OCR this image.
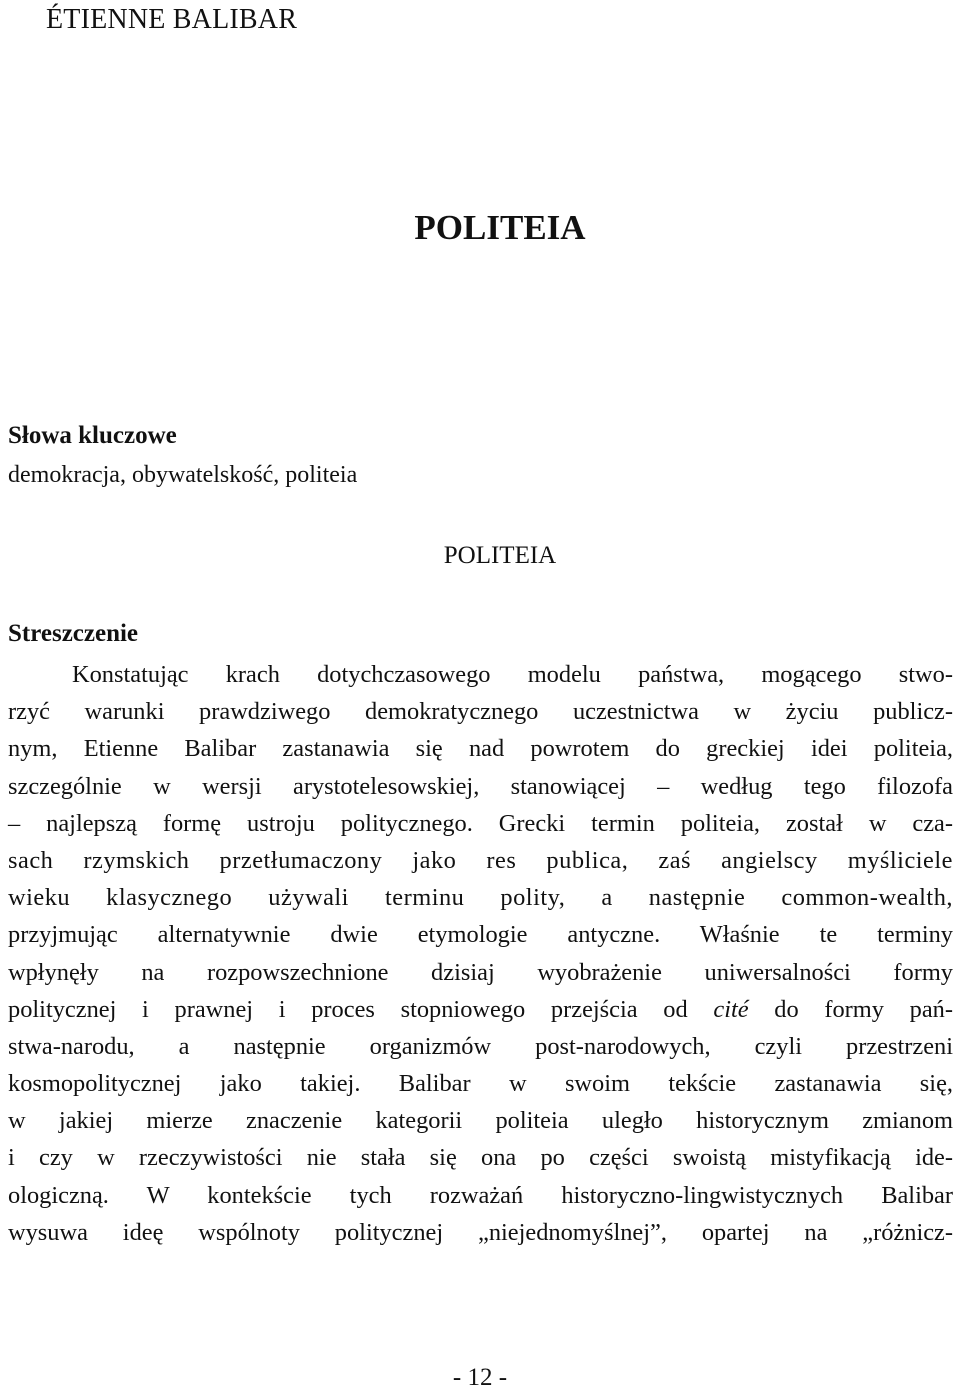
ÉTIENNE BALIBAR
POLITEIA
Słowa kluczowe
demokracja, obywatelskość, politeia
POLITEIA
Streszczenie
Konstatując krach dotychczasowego modelu państwa, mogącego stwo-
rzyć warunki prawdziwego demokratycznego uczestnictwa w życiu publicz-
nym, Etienne Balibar zastanawia się nad powrotem do greckiej idei politeia,
szczególnie w wersji arystotelesowskiej, stanowiącej ‒ według tego filozofa
‒ najlepszą formę ustroju politycznego. Grecki termin politeia, został w cza-
sach rzymskich przetłumaczony jako res publica, zaś angielscy myśliciele
wieku klasycznego używali terminu polity, a następnie common-wealth,
przyjmując alternatywnie dwie etymologie antyczne. Właśnie te terminy
wpłynęły na rozpowszechnione dzisiaj wyobrażenie uniwersalności formy
politycznej i prawnej i proces stopniowego przejścia od cité do formy pań-
stwa-narodu, a następnie organizmów post-narodowych, czyli przestrzeni
kosmopolitycznej jako takiej. Balibar w swoim tekście zastanawia się,
w jakiej mierze znaczenie kategorii politeia uległo historycznym zmianom
i czy w rzeczywistości nie stała się ona po części swoistą mistyfikacją ide-
ologiczną. W kontekście tych rozważań historyczno-lingwistycznych Balibar
wysuwa ideę wspólnoty politycznej „niejednomyślnej”, opartej na „różnicz-
- 12 -
